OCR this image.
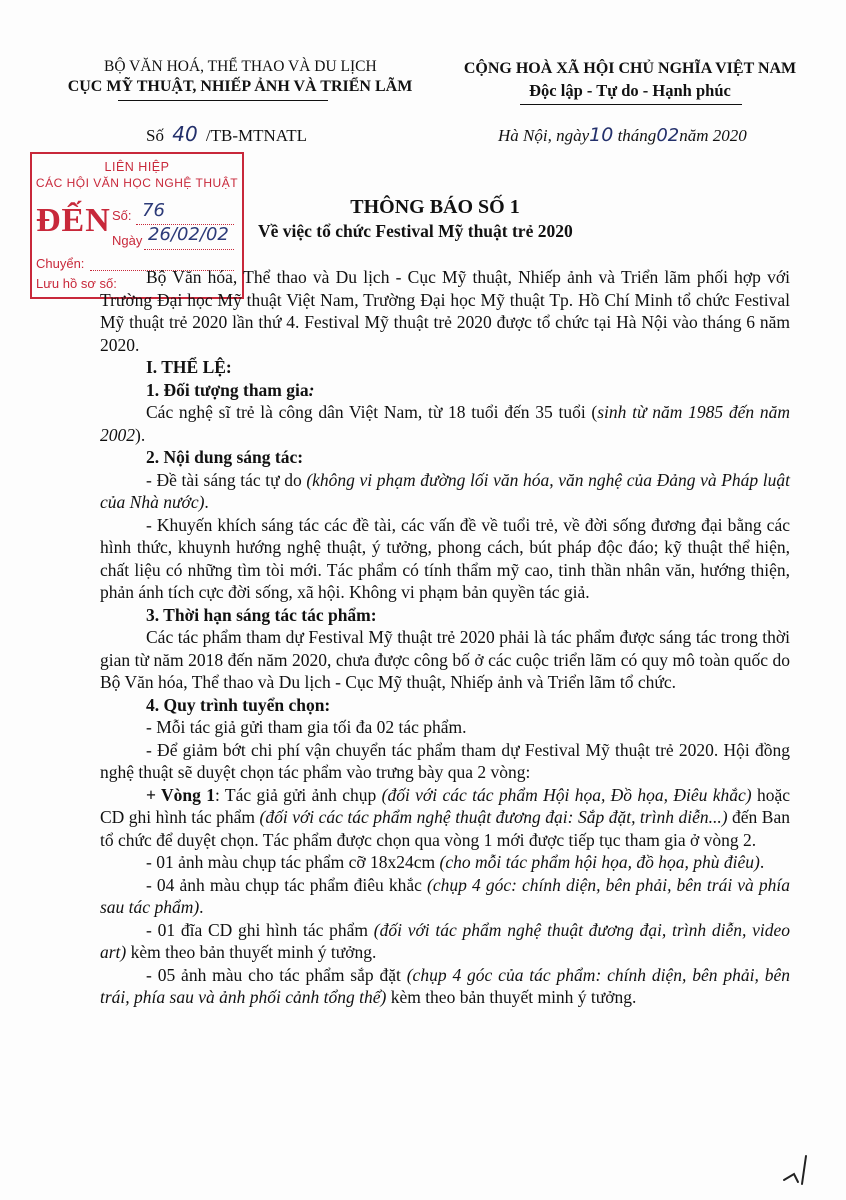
BỘ VĂN HOÁ, THỂ THAO VÀ DU LỊCH
CỤC MỸ THUẬT, NHIẾP ẢNH VÀ TRIỂN LÃM
CỘNG HOÀ XÃ HỘI CHỦ NGHĨA VIỆT NAM
Độc lập - Tự do - Hạnh phúc
Số 40 /TB-MTNATL	Hà Nội, ngày10 tháng02năm 2020
LIÊN HIỆP
CÁC HỘI VĂN HỌC NGHỆ THUẬT
ĐẾN Số: 76
Ngày 26/02/02
Chuyển:
Lưu hồ sơ số:
THÔNG BÁO SỐ 1
Về việc tổ chức Festival Mỹ thuật trẻ 2020

Bộ Văn hóa, Thể thao và Du lịch - Cục Mỹ thuật, Nhiếp ảnh và Triển lãm phối hợp với Trường Đại học Mỹ thuật Việt Nam, Trường Đại học Mỹ thuật Tp. Hồ Chí Minh tổ chức Festival Mỹ thuật trẻ 2020 lần thứ 4. Festival Mỹ thuật trẻ 2020 được tổ chức tại Hà Nội vào tháng 6 năm 2020.

I. THỂ LỆ:

1. Đối tượng tham gia:

Các nghệ sĩ trẻ là công dân Việt Nam, từ 18 tuổi đến 35 tuổi (sinh từ năm 1985 đến năm 2002).

2. Nội dung sáng tác:

- Đề tài sáng tác tự do (không vi phạm đường lối văn hóa, văn nghệ của Đảng và Pháp luật của Nhà nước).

- Khuyến khích sáng tác các đề tài, các vấn đề về tuổi trẻ, về đời sống đương đại bằng các hình thức, khuynh hướng nghệ thuật, ý tưởng, phong cách, bút pháp độc đáo; kỹ thuật thể hiện, chất liệu có những tìm tòi mới. Tác phẩm có tính thẩm mỹ cao, tinh thần nhân văn, hướng thiện, phản ánh tích cực đời sống, xã hội. Không vi phạm bản quyền tác giả.

3. Thời hạn sáng tác tác phẩm:

Các tác phẩm tham dự Festival Mỹ thuật trẻ 2020 phải là tác phẩm được sáng tác trong thời gian từ năm 2018 đến năm 2020, chưa được công bố ở các cuộc triển lãm có quy mô toàn quốc do Bộ Văn hóa, Thể thao và Du lịch - Cục Mỹ thuật, Nhiếp ảnh và Triển lãm tổ chức.

4. Quy trình tuyển chọn:

- Mỗi tác giả gửi tham gia tối đa 02 tác phẩm.

- Để giảm bớt chi phí vận chuyển tác phẩm tham dự Festival Mỹ thuật trẻ 2020. Hội đồng nghệ thuật sẽ duyệt chọn tác phẩm vào trưng bày qua 2 vòng:

+ Vòng 1: Tác giả gửi ảnh chụp (đối với các tác phẩm Hội họa, Đồ họa, Điêu khắc) hoặc CD ghi hình tác phẩm (đối với các tác phẩm nghệ thuật đương đại: Sắp đặt, trình diễn...) đến Ban tổ chức để duyệt chọn. Tác phẩm được chọn qua vòng 1 mới được tiếp tục tham gia ở vòng 2.

- 01 ảnh màu chụp tác phẩm cỡ 18x24cm (cho mỗi tác phẩm hội họa, đồ họa, phù điêu).

- 04 ảnh màu chụp tác phẩm điêu khắc (chụp 4 góc: chính diện, bên phải, bên trái và phía sau tác phẩm).

- 01 đĩa CD ghi hình tác phẩm (đối với tác phẩm nghệ thuật đương đại, trình diễn, video art) kèm theo bản thuyết minh ý tưởng.

- 05 ảnh màu cho tác phẩm sắp đặt (chụp 4 góc của tác phẩm: chính diện, bên phải, bên trái, phía sau và ảnh phối cảnh tổng thể) kèm theo bản thuyết minh ý tưởng.
